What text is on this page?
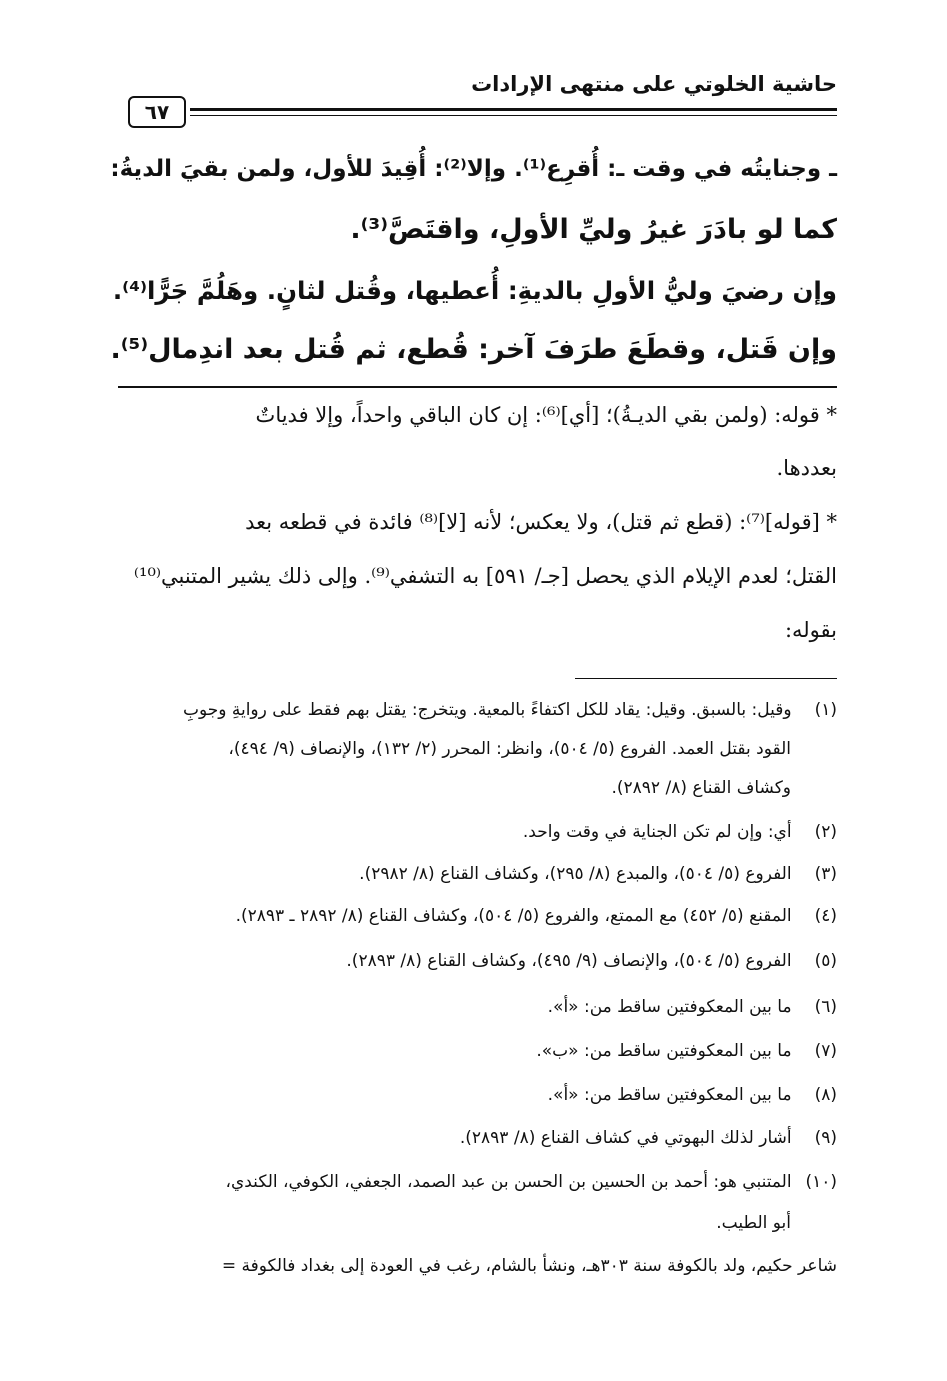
حاشية الخلوتي على منتهى الإرادات
٦٧
ـ وجنايتُه في وقت ـ: أُقرِع⁽¹⁾. وإلا⁽²⁾: أُقِيدَ للأول، ولمن بقيَ الديةُ:
كما لو بادَرَ غيرُ وليِّ الأولِ، واقتَصَّ⁽³⁾.
وإن رضيَ وليُّ الأولِ بالديةِ: أُعطيها، وقُتل لثانٍ. وهَلُمَّ جَرًّا⁽⁴⁾.
وإن قَتل، وقطَعَ طرَفَ آخر: قُطع، ثم قُتل بعد اندِمال⁽⁵⁾.
* قوله: (ولمن بقي الديـةُ)؛ [أي]⁽⁶⁾: إن كان الباقي واحداً، وإلا فدياتٌ
بعددها.
* [قوله]⁽⁷⁾: (قطع ثم قتل)، ولا يعكس؛ لأنه [لا]⁽⁸⁾ فائدة في قطعه بعد
القتل؛ لعدم الإيلام الذي يحصل [جـ/ ٥٩١] به التشفي⁽⁹⁾. وإلى ذلك يشير المتنبي⁽¹⁰⁾
بقوله:
(١) وقيل: بالسبق. وقيل: يقاد للكل اكتفاءً بالمعية. ويتخرج: يقتل بهم فقط على روايةِ وجوبِ
القود بقتل العمد. الفروع (٥/ ٥٠٤)، وانظر: المحرر (٢/ ١٣٢)، والإنصاف (٩/ ٤٩٤)،
وكشاف القناع (٨/ ٢٨٩٢).
(٢) أي: وإن لم تكن الجناية في وقت واحد.
(٣) الفروع (٥/ ٥٠٤)، والمبدع (٨/ ٢٩٥)، وكشاف القناع (٨/ ٢٩٨٢).
(٤) المقنع (٥/ ٤٥٢) مع الممتع، والفروع (٥/ ٥٠٤)، وكشاف القناع (٨/ ٢٨٩٢ ـ ٢٨٩٣).
(٥) الفروع (٥/ ٥٠٤)، والإنصاف (٩/ ٤٩٥)، وكشاف القناع (٨/ ٢٨٩٣).
(٦) ما بين المعكوفتين ساقط من: «أ».
(٧) ما بين المعكوفتين ساقط من: «ب».
(٨) ما بين المعكوفتين ساقط من: «أ».
(٩) أشار لذلك البهوتي في كشاف القناع (٨/ ٢٨٩٣).
(١٠) المتنبي هو: أحمد بن الحسين بن الحسن بن عبد الصمد، الجعفي، الكوفي، الكندي،
أبو الطيب.
شاعر حكيم، ولد بالكوفة سنة ٣٠٣هـ، ونشأ بالشام، رغب في العودة إلى بغداد فالكوفة =
